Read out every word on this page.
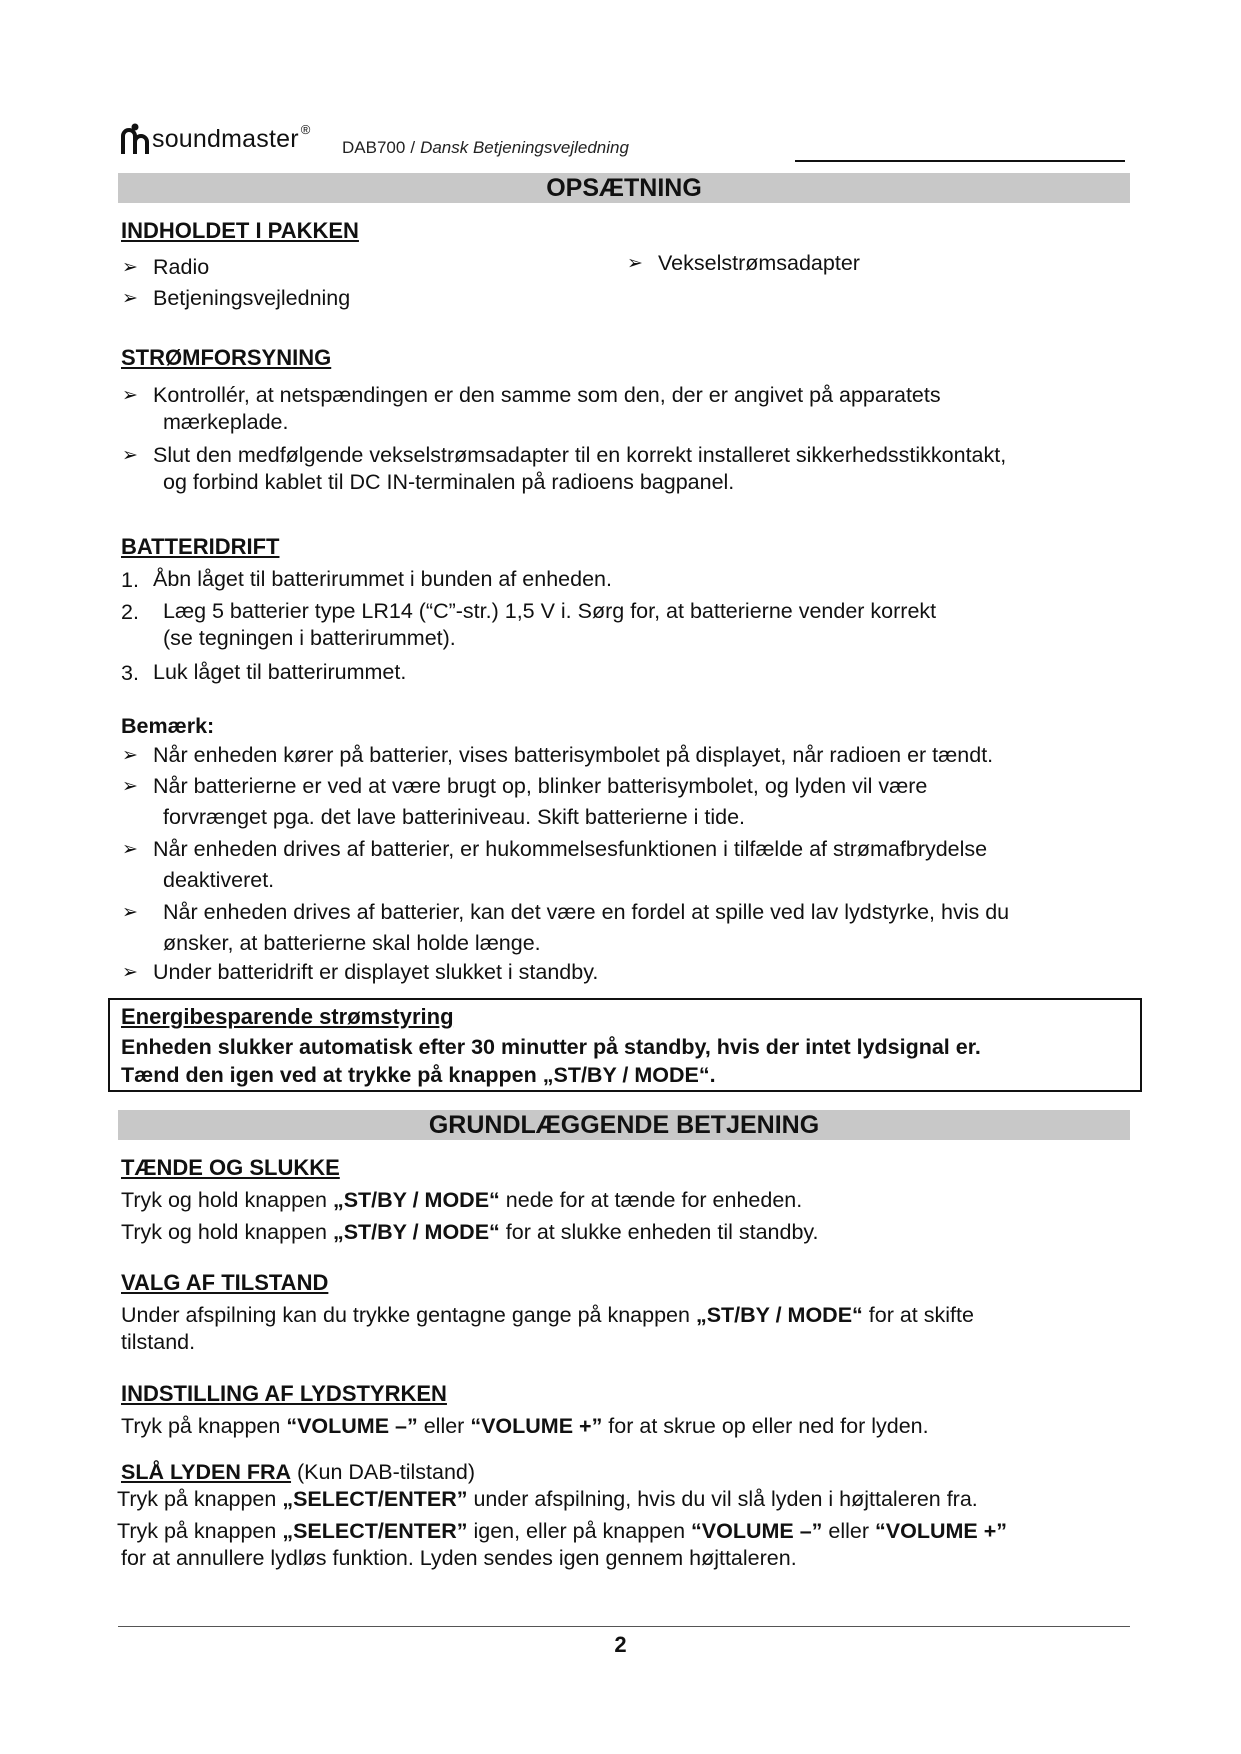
soundmaster ®
DAB700 / Dansk Betjeningsvejledning
OPSÆTNING
INDHOLDET I PAKKEN
➢ Radio
➢ Betjeningsvejledning
➢ Vekselstrømsadapter
STRØMFORSYNING
➢ Kontrollér, at netspændingen er den samme som den, der er angivet på apparatets
mærkeplade.
➢ Slut den medfølgende vekselstrømsadapter til en korrekt installeret sikkerhedsstikkontakt,
og forbind kablet til DC IN-terminalen på radioens bagpanel.
BATTERIDRIFT
1. Åbn låget til batterirummet i bunden af enheden.
2. Læg 5 batterier type LR14 (“C”-str.) 1,5 V i. Sørg for, at batterierne vender korrekt
(se tegningen i batterirummet).
3. Luk låget til batterirummet.
Bemærk:
➢ Når enheden kører på batterier, vises batterisymbolet på displayet, når radioen er tændt.
➢ Når batterierne er ved at være brugt op, blinker batterisymbolet, og lyden vil være
forvrænget pga. det lave batteriniveau. Skift batterierne i tide.
➢ Når enheden drives af batterier, er hukommelsesfunktionen i tilfælde af strømafbrydelse
deaktiveret.
➢ Når enheden drives af batterier, kan det være en fordel at spille ved lav lydstyrke, hvis du
ønsker, at batterierne skal holde længe.
➢ Under batteridrift er displayet slukket i standby.
Energibesparende strømstyring
Enheden slukker automatisk efter 30 minutter på standby, hvis der intet lydsignal er.
Tænd den igen ved at trykke på knappen „ST/BY / MODE“.
GRUNDLÆGGENDE BETJENING
TÆNDE OG SLUKKE
Tryk og hold knappen „ST/BY / MODE“ nede for at tænde for enheden.
Tryk og hold knappen „ST/BY / MODE“ for at slukke enheden til standby.
VALG AF TILSTAND
Under afspilning kan du trykke gentagne gange på knappen „ST/BY / MODE“ for at skifte
tilstand.
INDSTILLING AF LYDSTYRKEN
Tryk på knappen “VOLUME –” eller “VOLUME +” for at skrue op eller ned for lyden.
SLÅ LYDEN FRA (Kun DAB-tilstand)
Tryk på knappen „SELECT/ENTER” under afspilning, hvis du vil slå lyden i højttaleren fra.
Tryk på knappen „SELECT/ENTER” igen, eller på knappen “VOLUME –” eller “VOLUME +”
for at annullere lydløs funktion. Lyden sendes igen gennem højttaleren.
2
